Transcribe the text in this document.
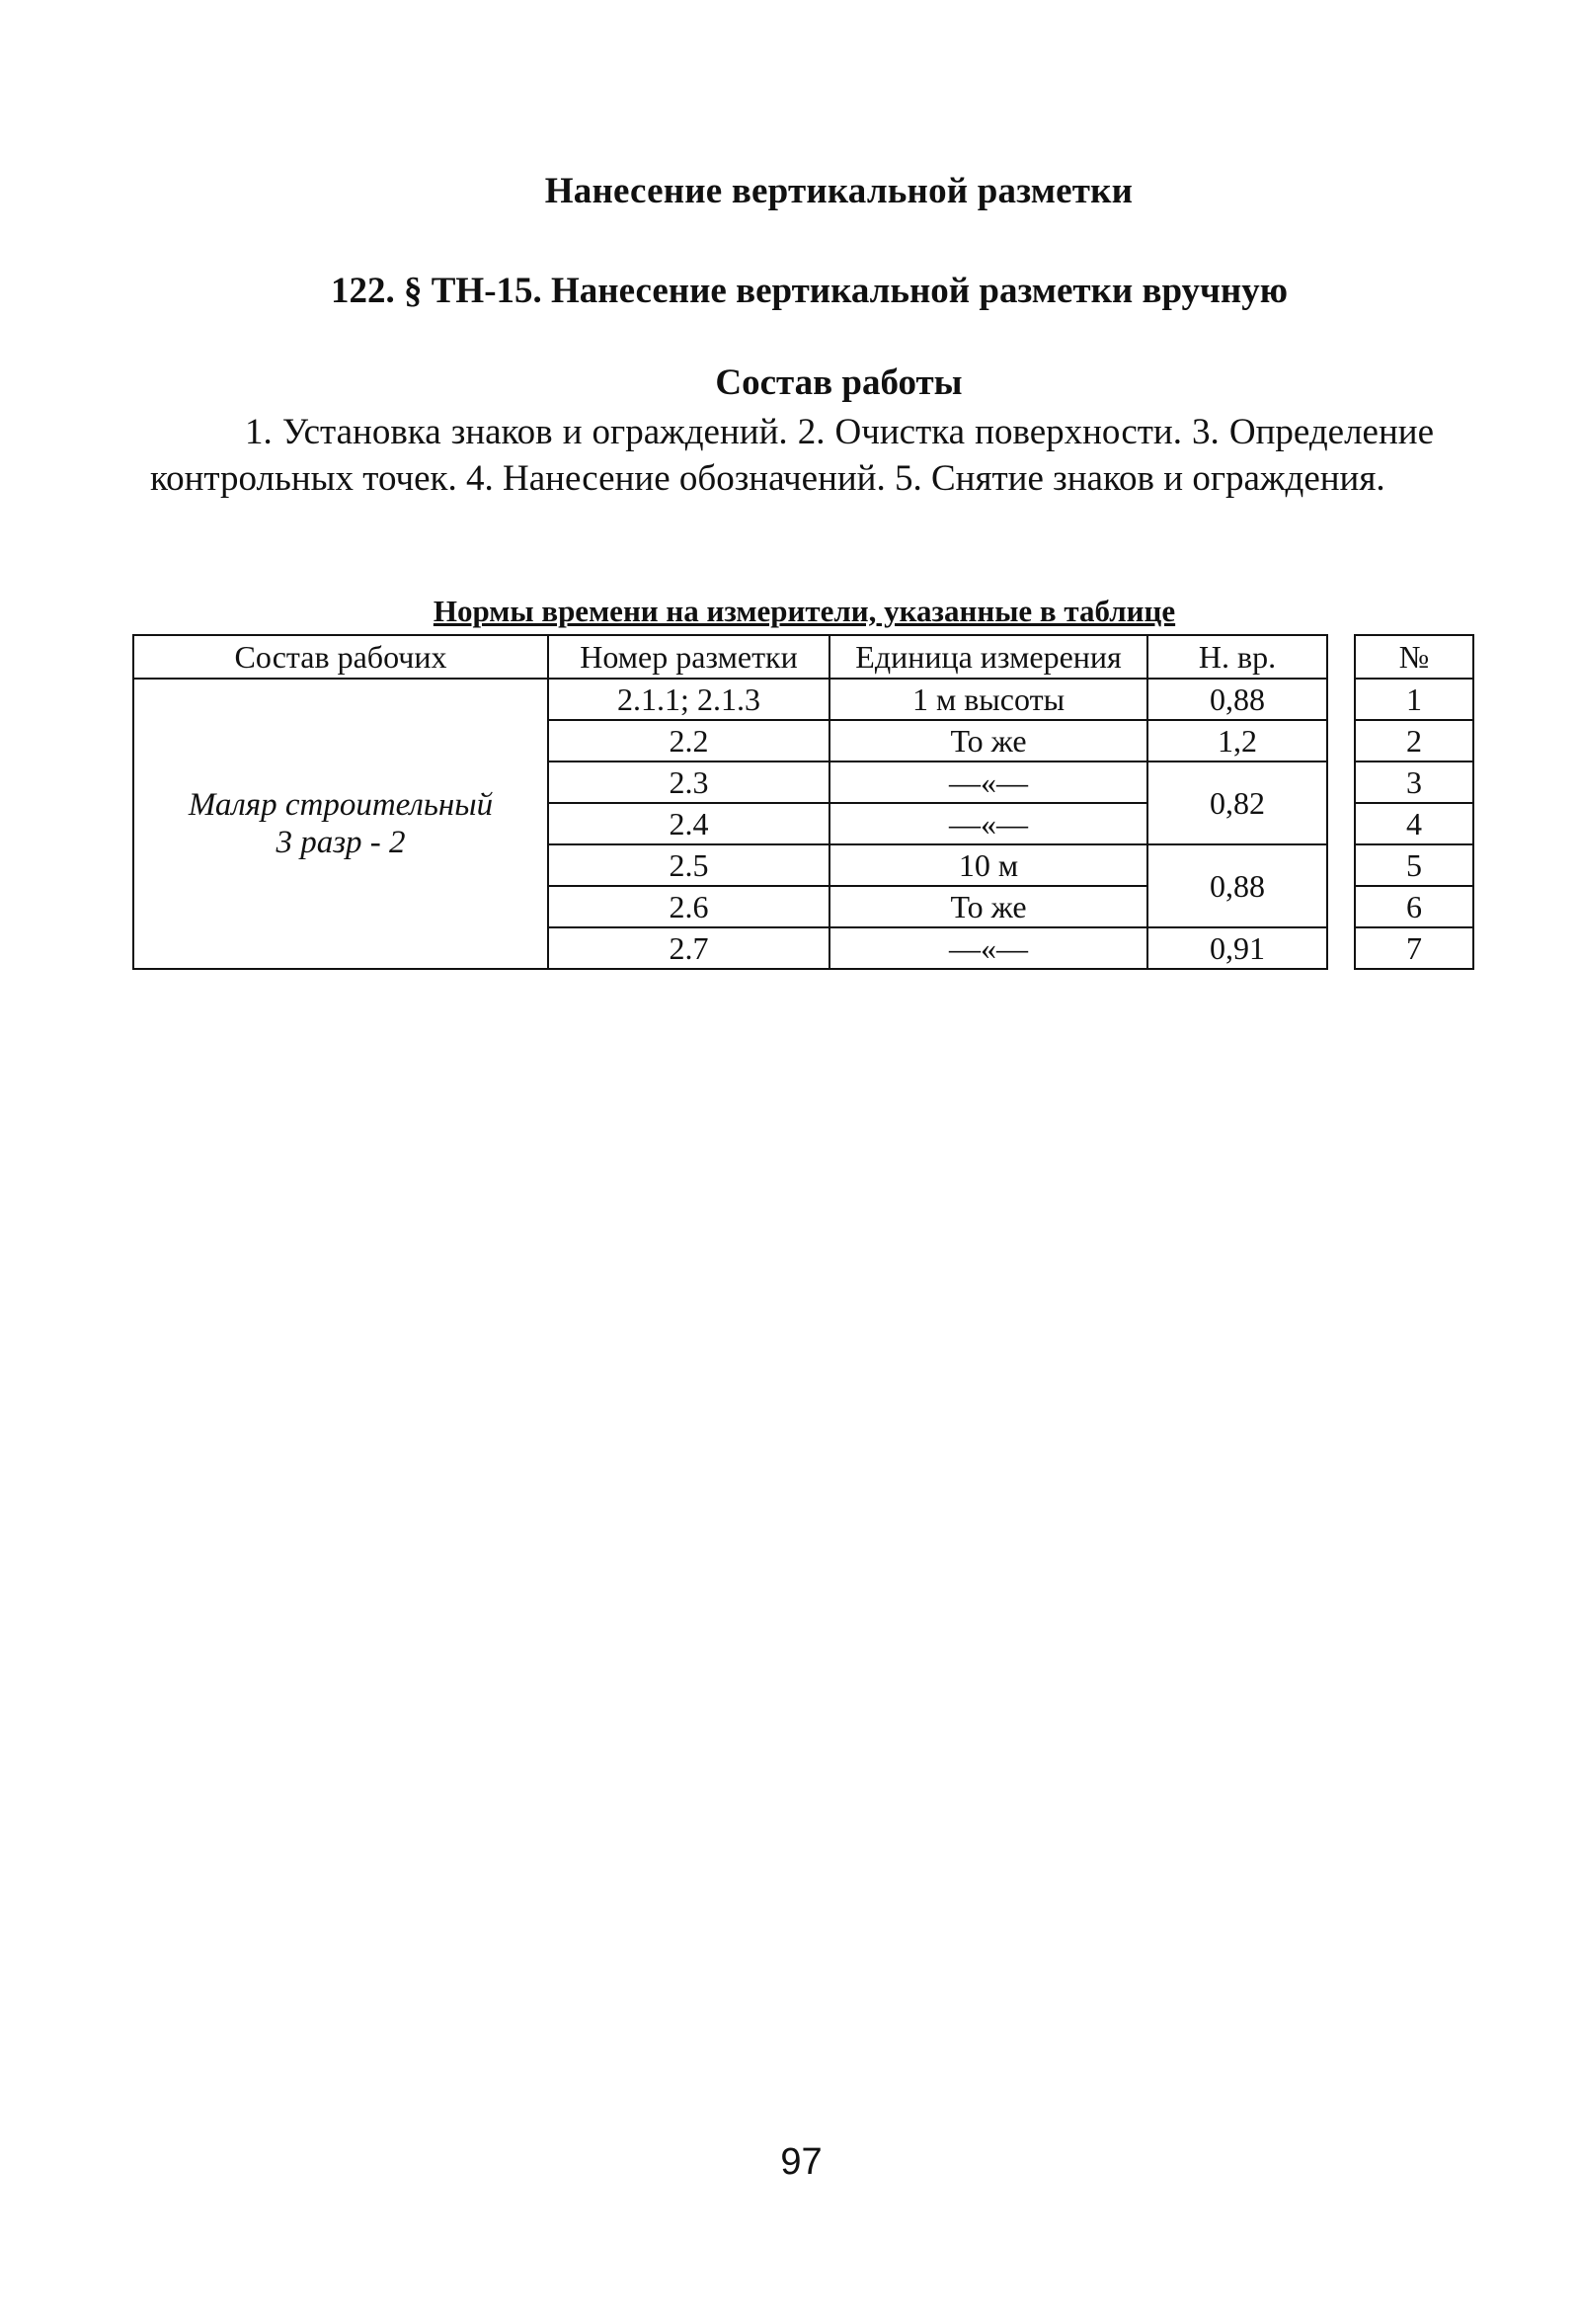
Нанесение вертикальной разметки
122. § ТН-15. Нанесение вертикальной разметки вручную
Состав работы
1. Установка знаков и ограждений. 2. Очистка поверхности. 3. Определение контрольных точек. 4. Нанесение обозначений. 5. Снятие знаков и ограждения.
Нормы времени на измерители, указанные в таблице
Состав рабочих	Номер разметки	Единица измерения	Н. вр.		№

Маляр строительный
3 разр - 2	2.1.1; 2.1.3	1 м высоты	0,88		1
	2.2	То же	1,2		2
	2.3	—«—	0,82		3
	2.4	—«—			4
	2.5	10 м	0,88		5
	2.6	То же			6
	2.7	—«—	0,91		7
97
